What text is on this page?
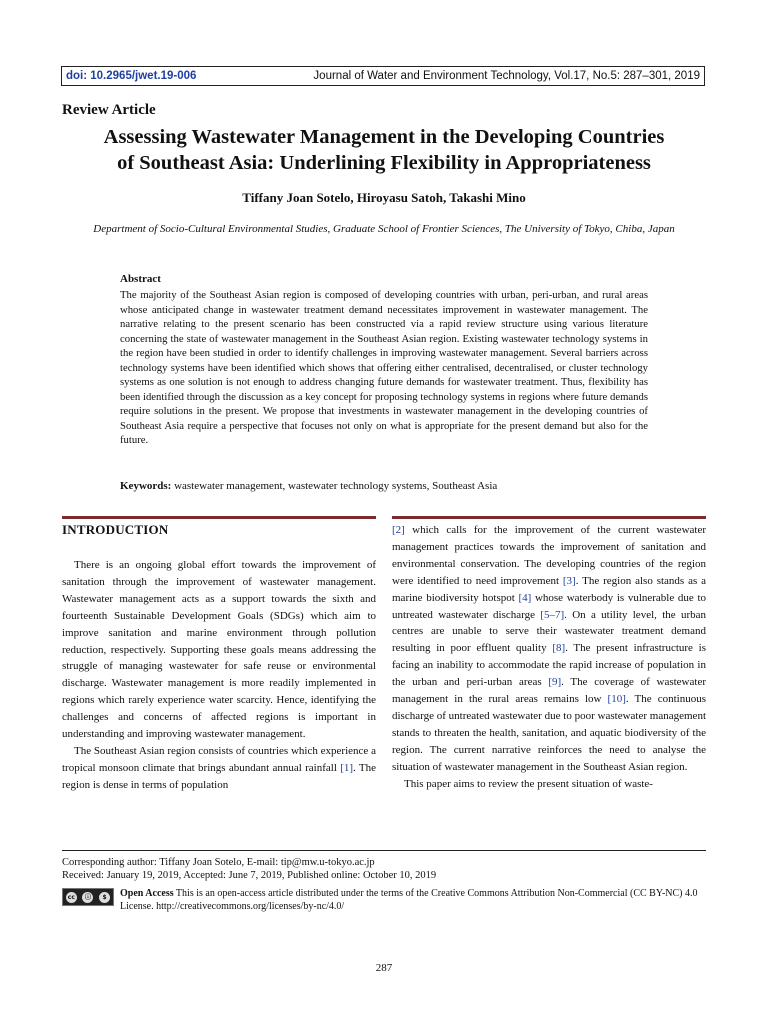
doi: 10.2965/jwet.19-006	Journal of Water and Environment Technology, Vol.17, No.5: 287–301, 2019
Review Article
Assessing Wastewater Management in the Developing Countries
of Southeast Asia: Underlining Flexibility in Appropriateness
Tiffany Joan Sotelo, Hiroyasu Satoh, Takashi Mino
Department of Socio-Cultural Environmental Studies, Graduate School of Frontier Sciences, The University of Tokyo, Chiba, Japan
Abstract

The majority of the Southeast Asian region is composed of developing countries with urban, peri-urban, and rural areas whose anticipated change in wastewater treatment demand necessitates improvement in wastewater management. The narrative relating to the present scenario has been constructed via a rapid review structure using various literature concerning the state of wastewater management in the Southeast Asian region. Existing wastewater technology systems in the region have been studied in order to identify challenges in improving wastewater management. Several barriers across technology systems have been identified which shows that offering either centralised, decentralised, or cluster technology systems as one solution is not enough to address changing future demands for wastewater treatment. Thus, flexibility has been identified through the discussion as a key concept for proposing technology systems in regions where future demands require solutions in the present. We propose that investments in wastewater management in the developing countries of Southeast Asia require a perspective that focuses not only on what is appropriate for the present demand but also for the future.

Keywords: wastewater management, wastewater technology systems, Southeast Asia
INTRODUCTION

There is an ongoing global effort towards the improvement of sanitation through the improvement of wastewater management. Wastewater management acts as a support towards the sixth and fourteenth Sustainable Development Goals (SDGs) which aim to improve sanitation and marine environment through pollution reduction, respectively. Supporting these goals means addressing the struggle of managing wastewater for safe reuse or environmental discharge. Wastewater management is more readily implemented in regions which rarely experience water scarcity. Hence, identifying the challenges and concerns of affected regions is important in understanding and improving wastewater management.

The Southeast Asian region consists of countries which experience a tropical monsoon climate that brings abundant annual rainfall [1]. The region is dense in terms of population

[2] which calls for the improvement of the current wastewater management practices towards the improvement of sanitation and environmental conservation. The developing countries of the region were identified to need improvement [3]. The region also stands as a marine biodiversity hotspot [4] whose waterbody is vulnerable due to untreated wastewater discharge [5–7]. On a utility level, the urban centres are unable to serve their wastewater treatment demand resulting in poor effluent quality [8]. The present infrastructure is facing an inability to accommodate the rapid increase of population in the urban and peri-urban areas [9]. The coverage of wastewater management in the rural areas remains low [10]. The continuous discharge of untreated wastewater due to poor wastewater management stands to threaten the health, sanitation, and aquatic biodiversity of the region. The current narrative reinforces the need to analyse the situation of wastewater management in the Southeast Asian region.

This paper aims to review the present situation of waste-

Corresponding author: Tiffany Joan Sotelo, E-mail: tip@mw.u-tokyo.ac.jp
Received: January 19, 2019, Accepted: June 7, 2019, Published online: October 10, 2019
cc	ⓘ	$	Open Access This is an open-access article distributed under the terms of the Creative Commons Attribution Non-Commercial (CC BY-NC) 4.0 License. http://creativecommons.org/licenses/by-nc/4.0/
287
